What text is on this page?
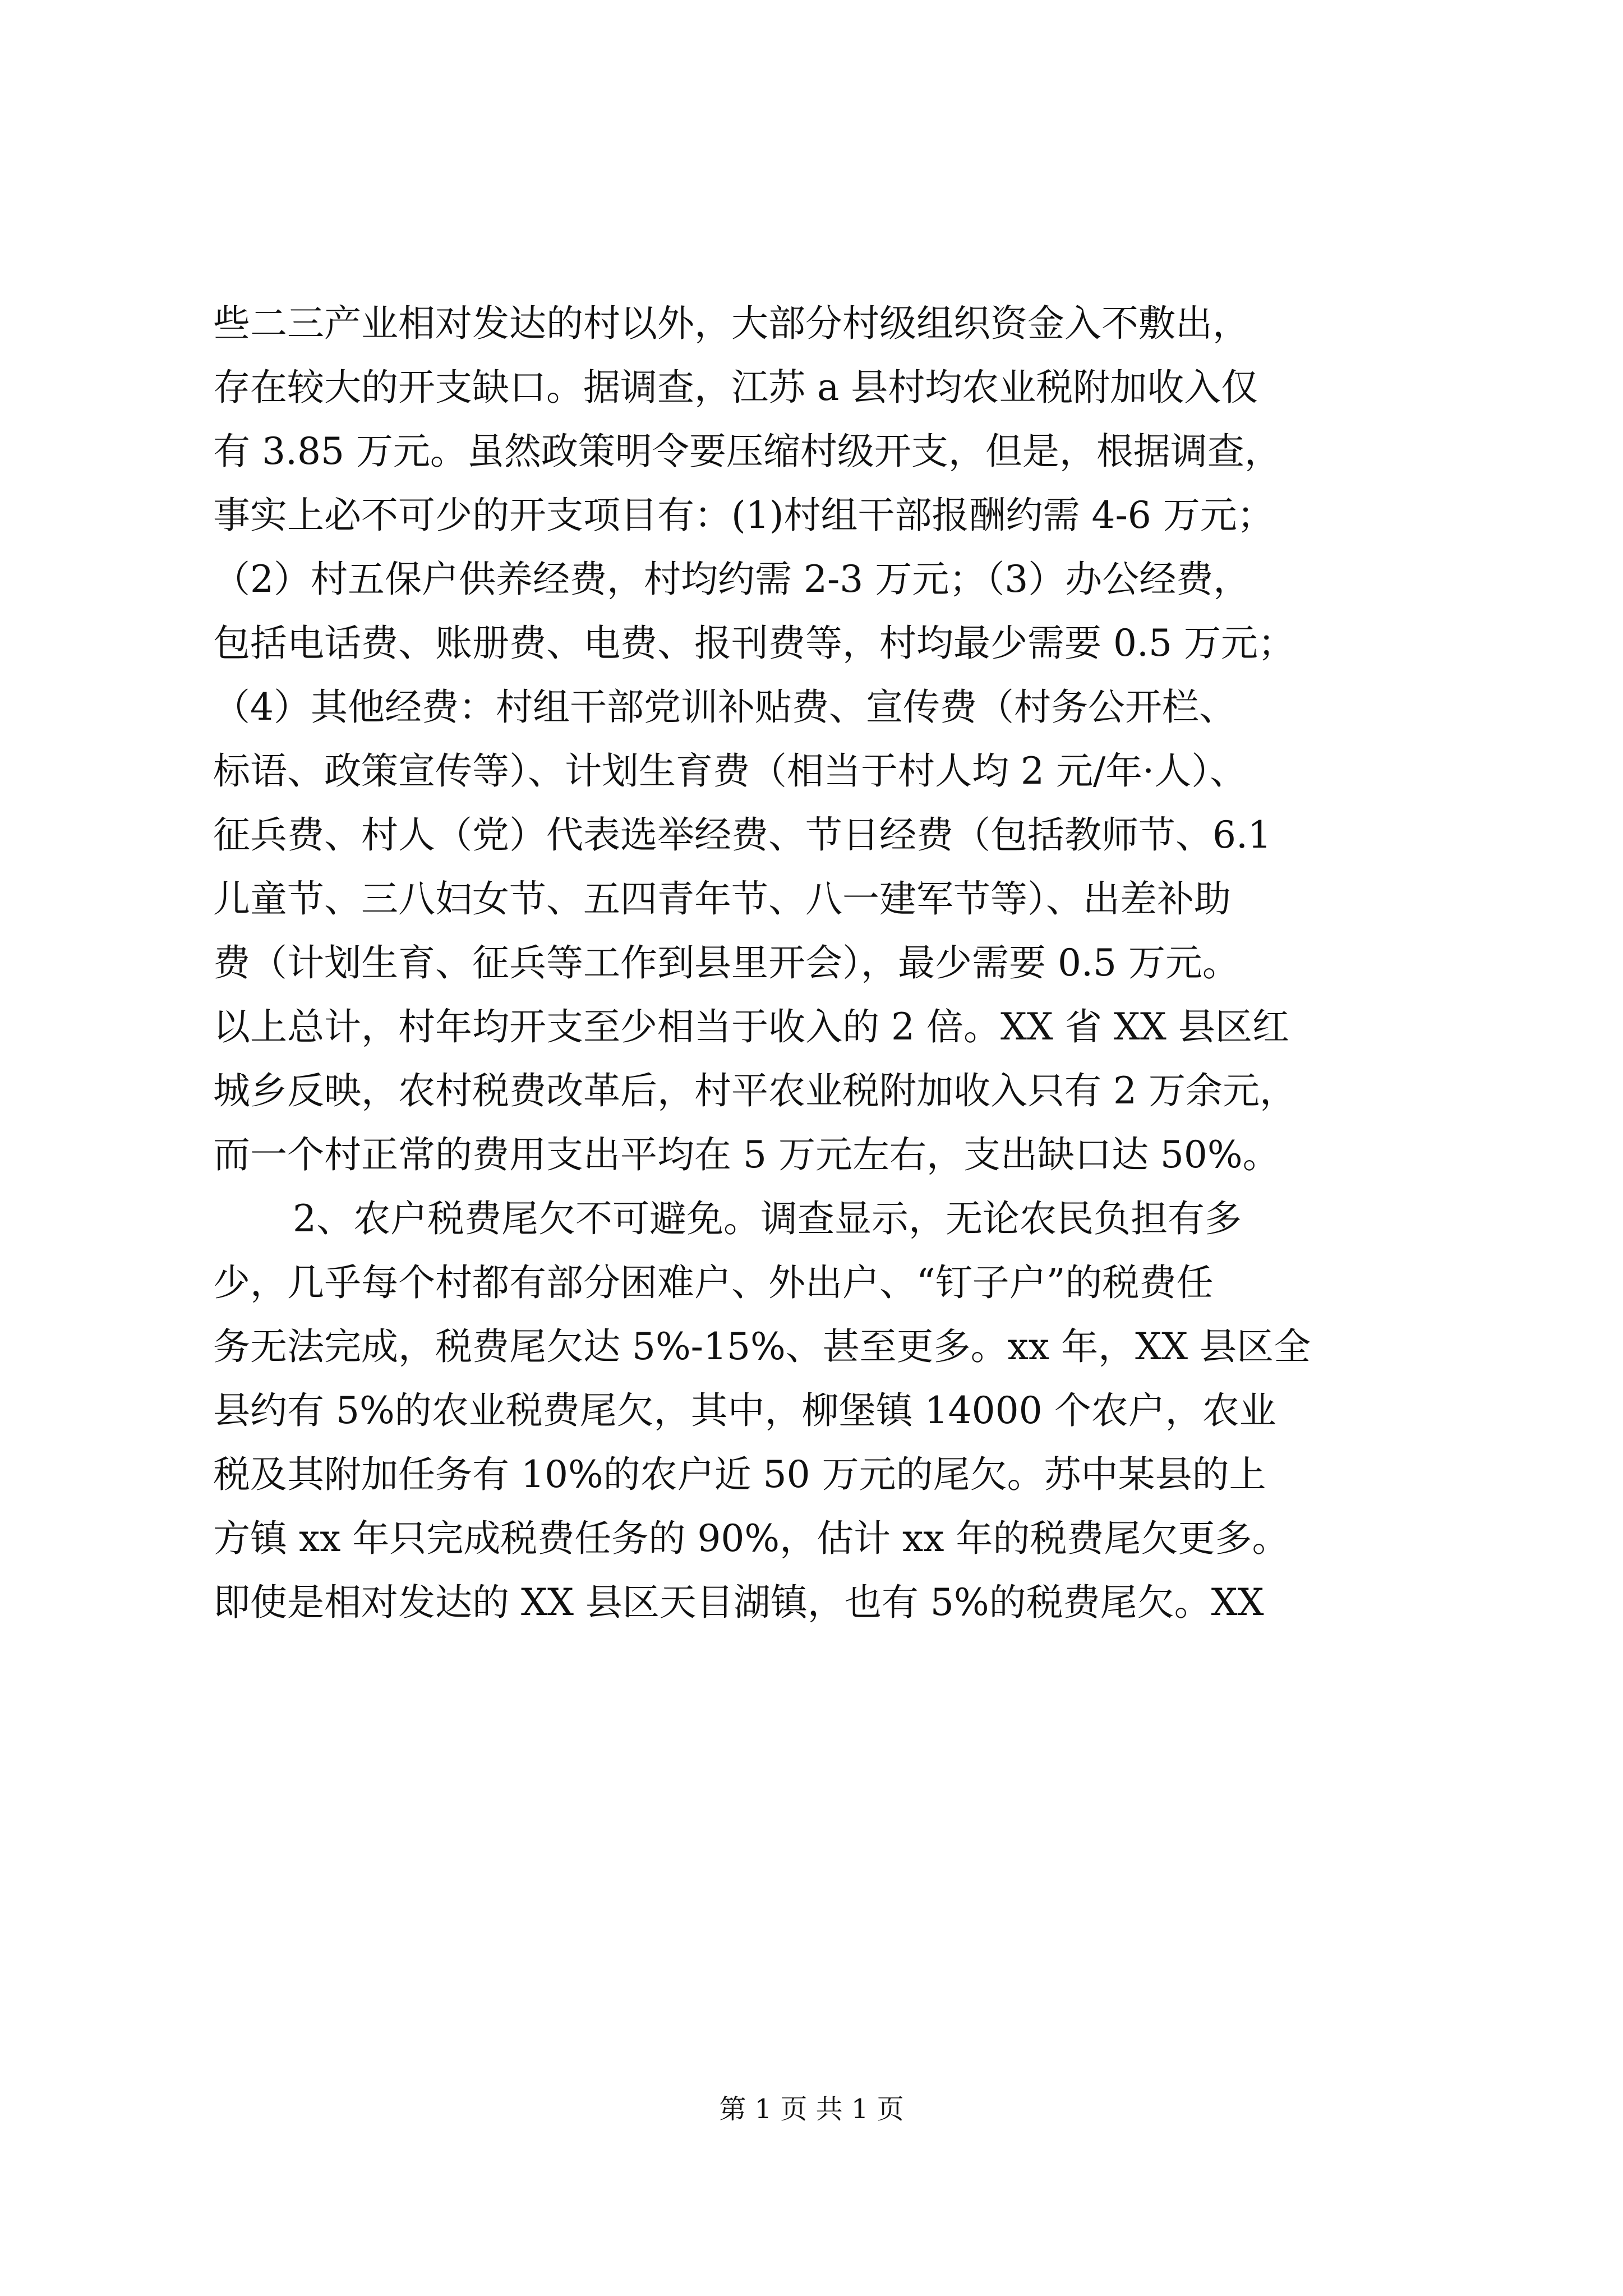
些二三产业相对发达的村以外，大部分村级组织资金入不敷出，
存在较大的开支缺口。据调查，江苏 a 县村均农业税附加收入仅
有 3.85 万元。虽然政策明令要压缩村级开支，但是，根据调查，
事实上必不可少的开支项目有：(1)村组干部报酬约需 4-6 万元；
（2）村五保户供养经费，村均约需 2-3 万元；（3）办公经费，
包括电话费、账册费、电费、报刊费等，村均最少需要 0.5 万元；
（4）其他经费：村组干部党训补贴费、宣传费（村务公开栏、
标语、政策宣传等）、计划生育费（相当于村人均 2 元/年·人）、
征兵费、村人（党）代表选举经费、节日经费（包括教师节、6.1
儿童节、三八妇女节、五四青年节、八一建军节等）、出差补助
费（计划生育、征兵等工作到县里开会），最少需要 0.5 万元。
以上总计，村年均开支至少相当于收入的 2 倍。XX 省 XX 县区红
城乡反映，农村税费改革后，村平农业税附加收入只有 2 万余元，
而一个村正常的费用支出平均在 5 万元左右，支出缺口达 50%。
2、农户税费尾欠不可避免。调查显示，无论农民负担有多
少，几乎每个村都有部分困难户、外出户、“钉子户”的税费任
务无法完成，税费尾欠达 5%-15%、甚至更多。xx 年，XX 县区全
县约有 5%的农业税费尾欠，其中，柳堡镇 14000 个农户，农业
税及其附加任务有 10%的农户近 50 万元的尾欠。苏中某县的上
方镇 xx 年只完成税费任务的 90%，估计 xx 年的税费尾欠更多。
即使是相对发达的 XX 县区天目湖镇，也有 5%的税费尾欠。XX
第 1 页 共 1 页
